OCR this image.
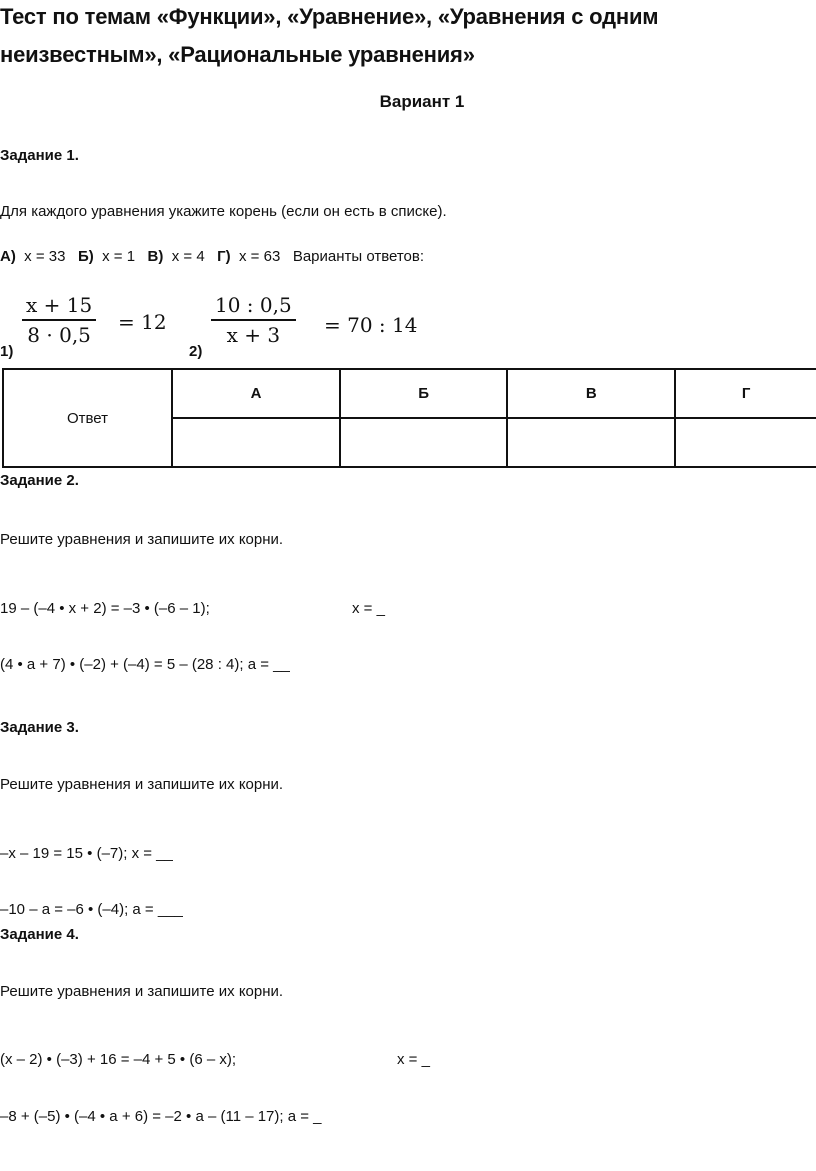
Тест по темам «Функции», «Уравнение», «Уравнения с одним
неизвестным», «Рациональные уравнения»
Вариант 1
Задание 1.
Для каждого уравнения укажите корень (если он есть в списке).
А) x = 33 Б) x = 1 В) x = 4 Г) x = 63 Варианты ответов:
1)
$\frac{x + 15}{8 \cdot 0,5} = 12$
2)
$\frac{10 : 0,5}{x + 3} = 70$ : 14
Ответ	А	Б	В	Г

Задание 2.
Решите уравнения и запишите их корни.
19 – (–4 • x + 2) = –3 • (–6 – 1);	x = _
(4 • a + 7) • (–2) + (–4) = 5 – (28 : 4); a = __
Задание 3.
Решите уравнения и запишите их корни.
–x – 19 = 15 • (–7); x = __
–10 – a = –6 • (–4); a = ___
Задание 4.
Решите уравнения и запишите их корни.
(x – 2) • (–3) + 16 = –4 + 5 • (6 – x);	x = _
–8 + (–5) • (–4 • a + 6) = –2 • a – (11 – 17); a = _
